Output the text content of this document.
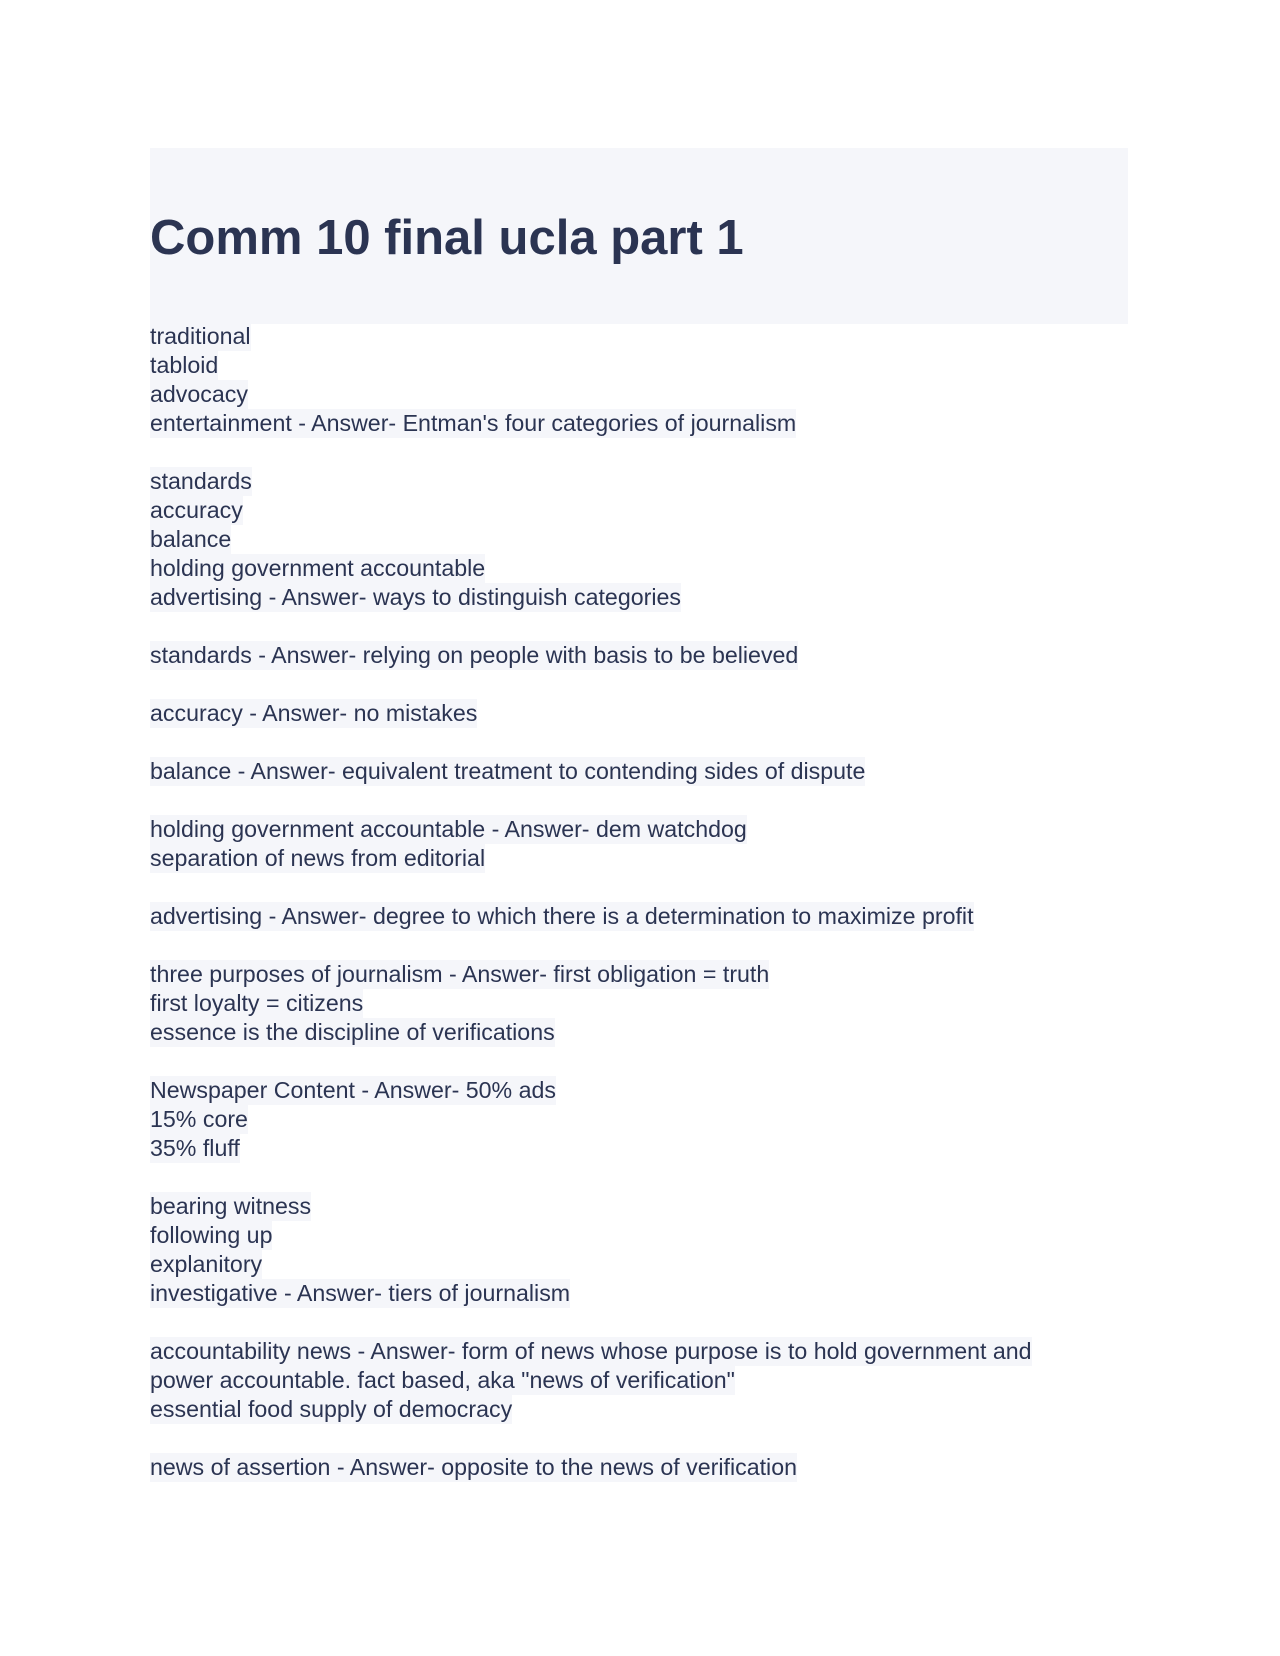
Comm 10 final ucla part 1
traditional
tabloid
advocacy
entertainment - Answer- Entman's four categories of journalism
standards
accuracy
balance
holding government accountable
advertising - Answer- ways to distinguish categories
standards - Answer- relying on people with basis to be believed
accuracy - Answer- no mistakes
balance - Answer- equivalent treatment to contending sides of dispute
holding government accountable - Answer- dem watchdog
separation of news from editorial
advertising - Answer- degree to which there is a determination to maximize profit
three purposes of journalism - Answer- first obligation = truth
first loyalty = citizens
essence is the discipline of verifications
Newspaper Content - Answer- 50% ads
15% core
35% fluff
bearing witness
following up
explanitory
investigative - Answer- tiers of journalism
accountability news - Answer- form of news whose purpose is to hold government and
power accountable. fact based, aka "news of verification"
essential food supply of democracy
news of assertion - Answer- opposite to the news of verification
